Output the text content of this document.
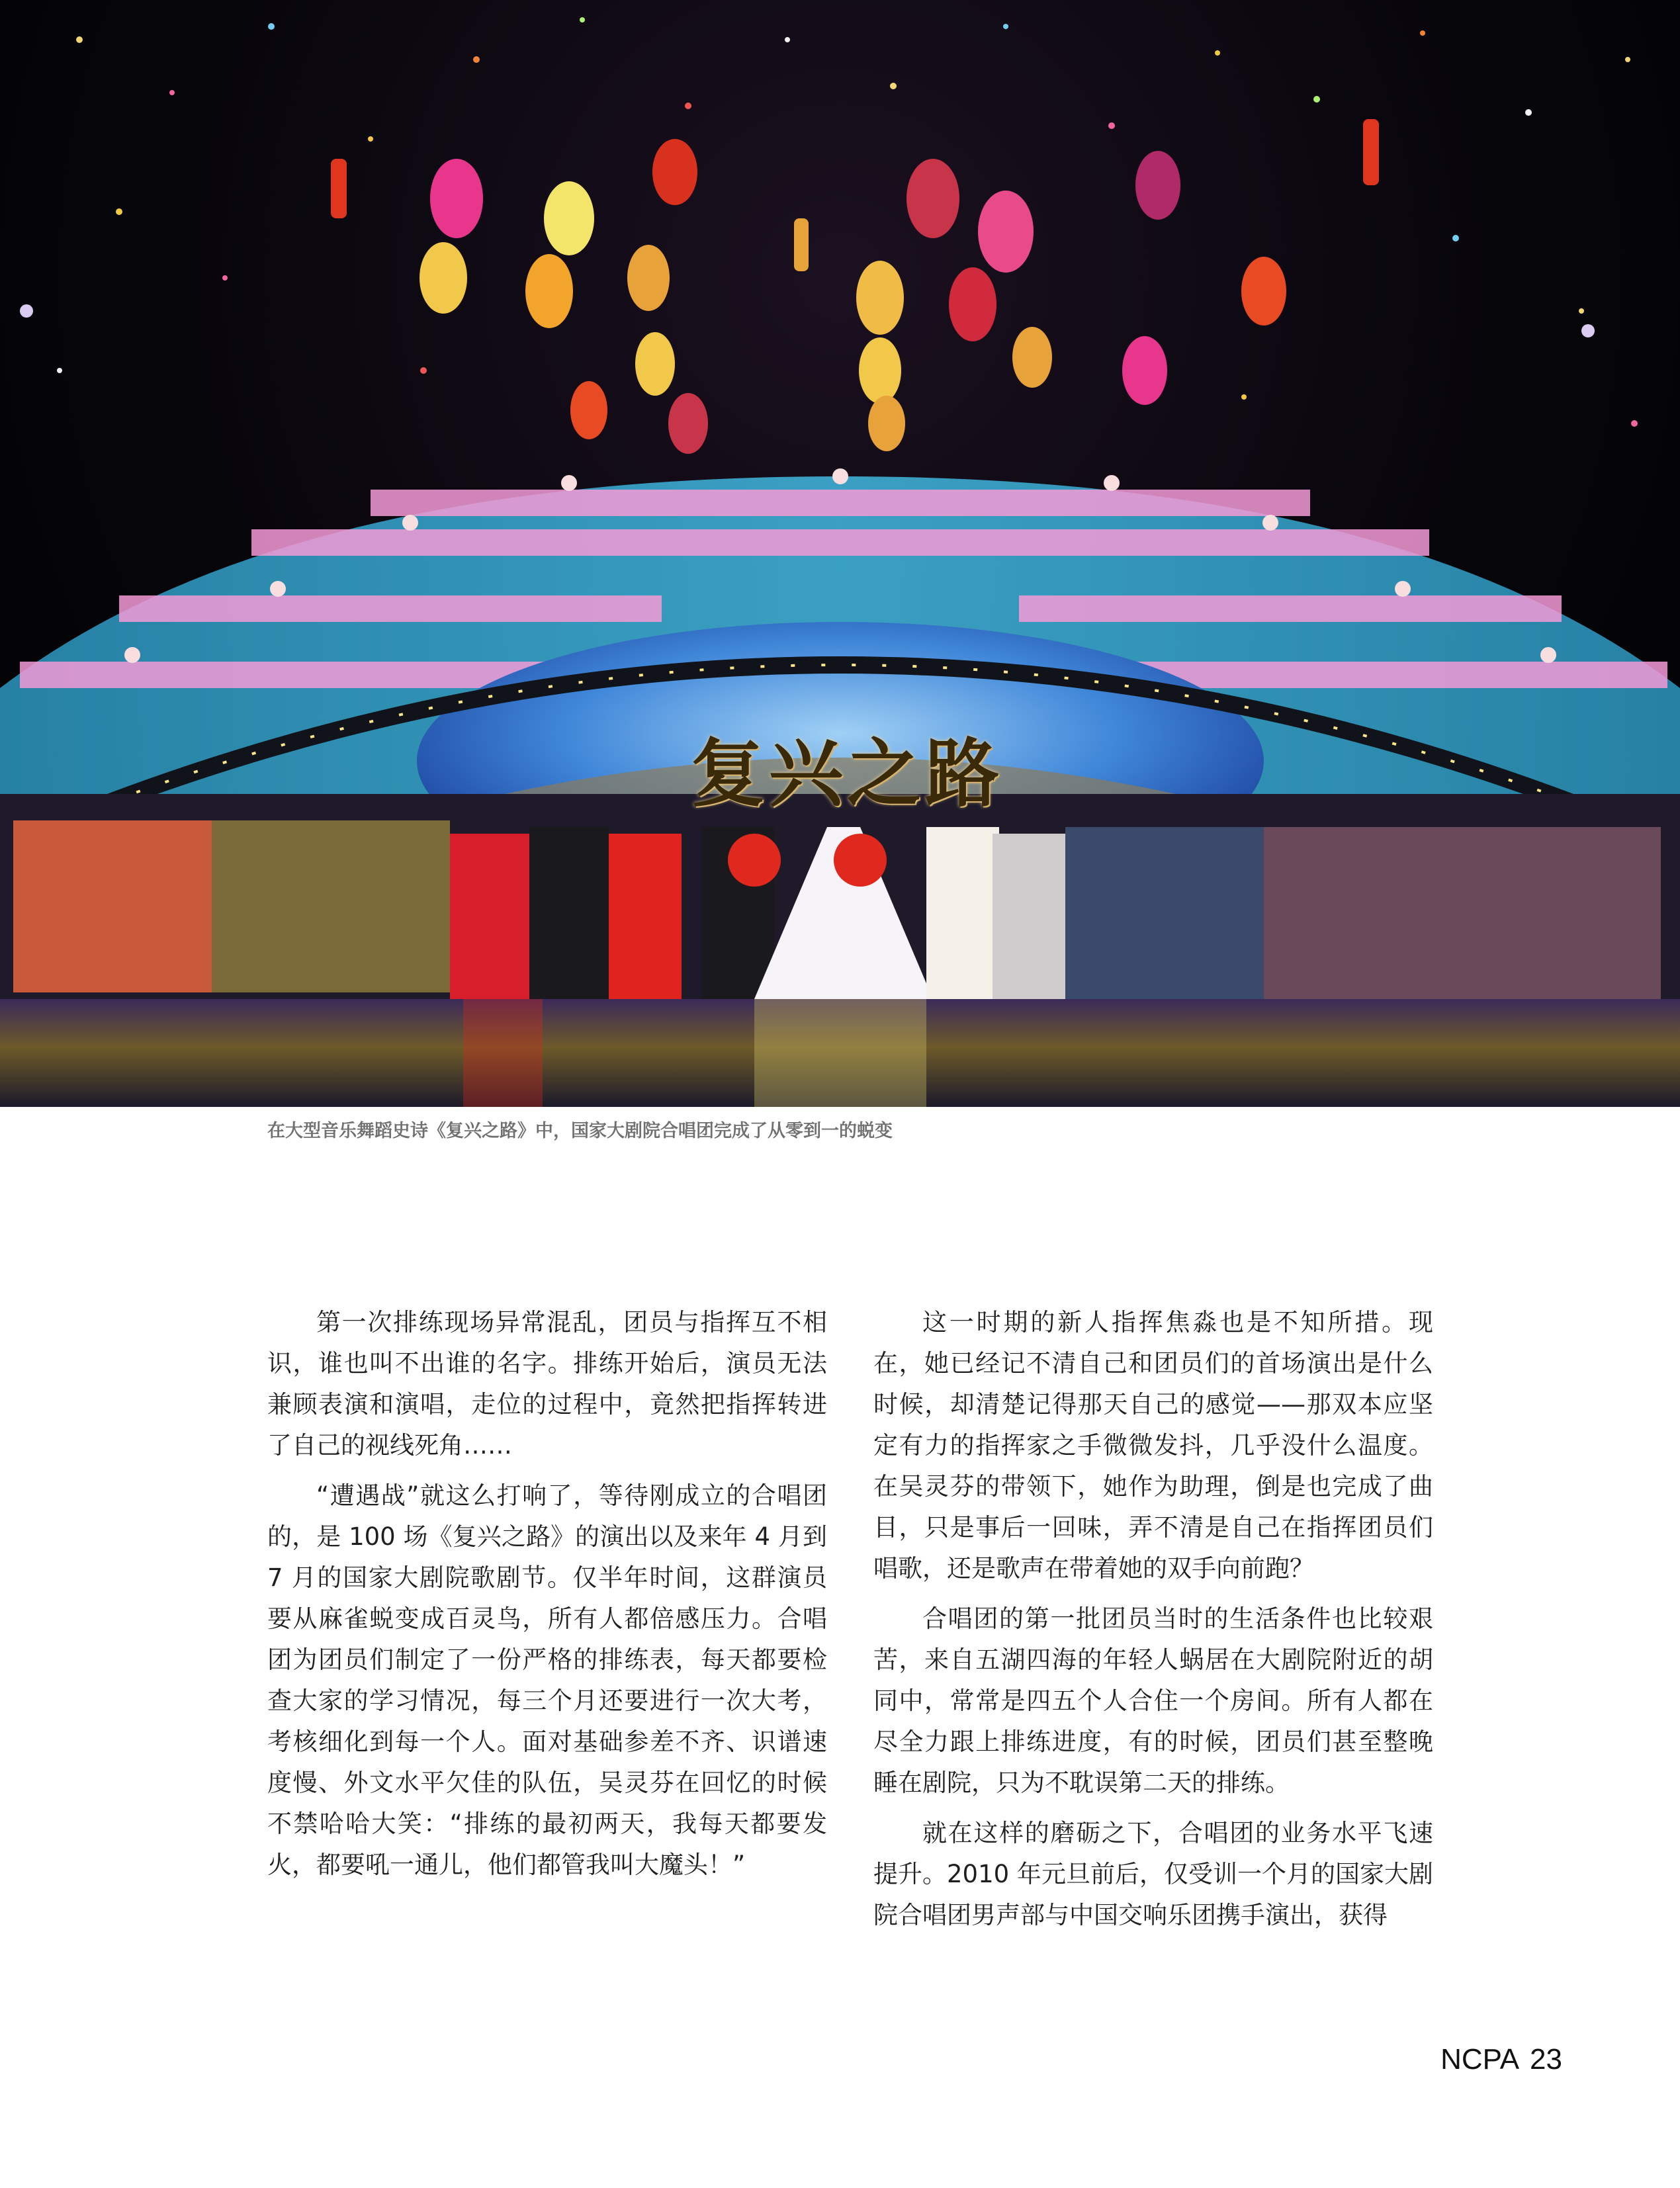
复兴之路
在大型音乐舞蹈史诗《复兴之路》中，国家大剧院合唱团完成了从零到一的蜕变

第一次排练现场异常混乱，团员与指挥互不相识，谁也叫不出谁的名字。排练开始后，演员无法兼顾表演和演唱，走位的过程中，竟然把指挥转进了自己的视线死角……

“遭遇战”就这么打响了，等待刚成立的合唱团的，是 100 场《复兴之路》的演出以及来年 4 月到 7 月的国家大剧院歌剧节。仅半年时间，这群演员要从麻雀蜕变成百灵鸟，所有人都倍感压力。合唱团为团员们制定了一份严格的排练表，每天都要检查大家的学习情况，每三个月还要进行一次大考，考核细化到每一个人。面对基础参差不齐、识谱速度慢、外文水平欠佳的队伍，吴灵芬在回忆的时候不禁哈哈大笑：“排练的最初两天，我每天都要发火，都要吼一通儿，他们都管我叫大魔头！”

这一时期的新人指挥焦淼也是不知所措。现在，她已经记不清自己和团员们的首场演出是什么时候，却清楚记得那天自己的感觉——那双本应坚定有力的指挥家之手微微发抖，几乎没什么温度。在吴灵芬的带领下，她作为助理，倒是也完成了曲目，只是事后一回味，弄不清是自己在指挥团员们唱歌，还是歌声在带着她的双手向前跑？

合唱团的第一批团员当时的生活条件也比较艰苦，来自五湖四海的年轻人蜗居在大剧院附近的胡同中，常常是四五个人合住一个房间。所有人都在尽全力跟上排练进度，有的时候，团员们甚至整晚睡在剧院，只为不耽误第二天的排练。

就在这样的磨砺之下，合唱团的业务水平飞速提升。2010 年元旦前后，仅受训一个月的国家大剧院合唱团男声部与中国交响乐团携手演出，获得

NCPA 23
